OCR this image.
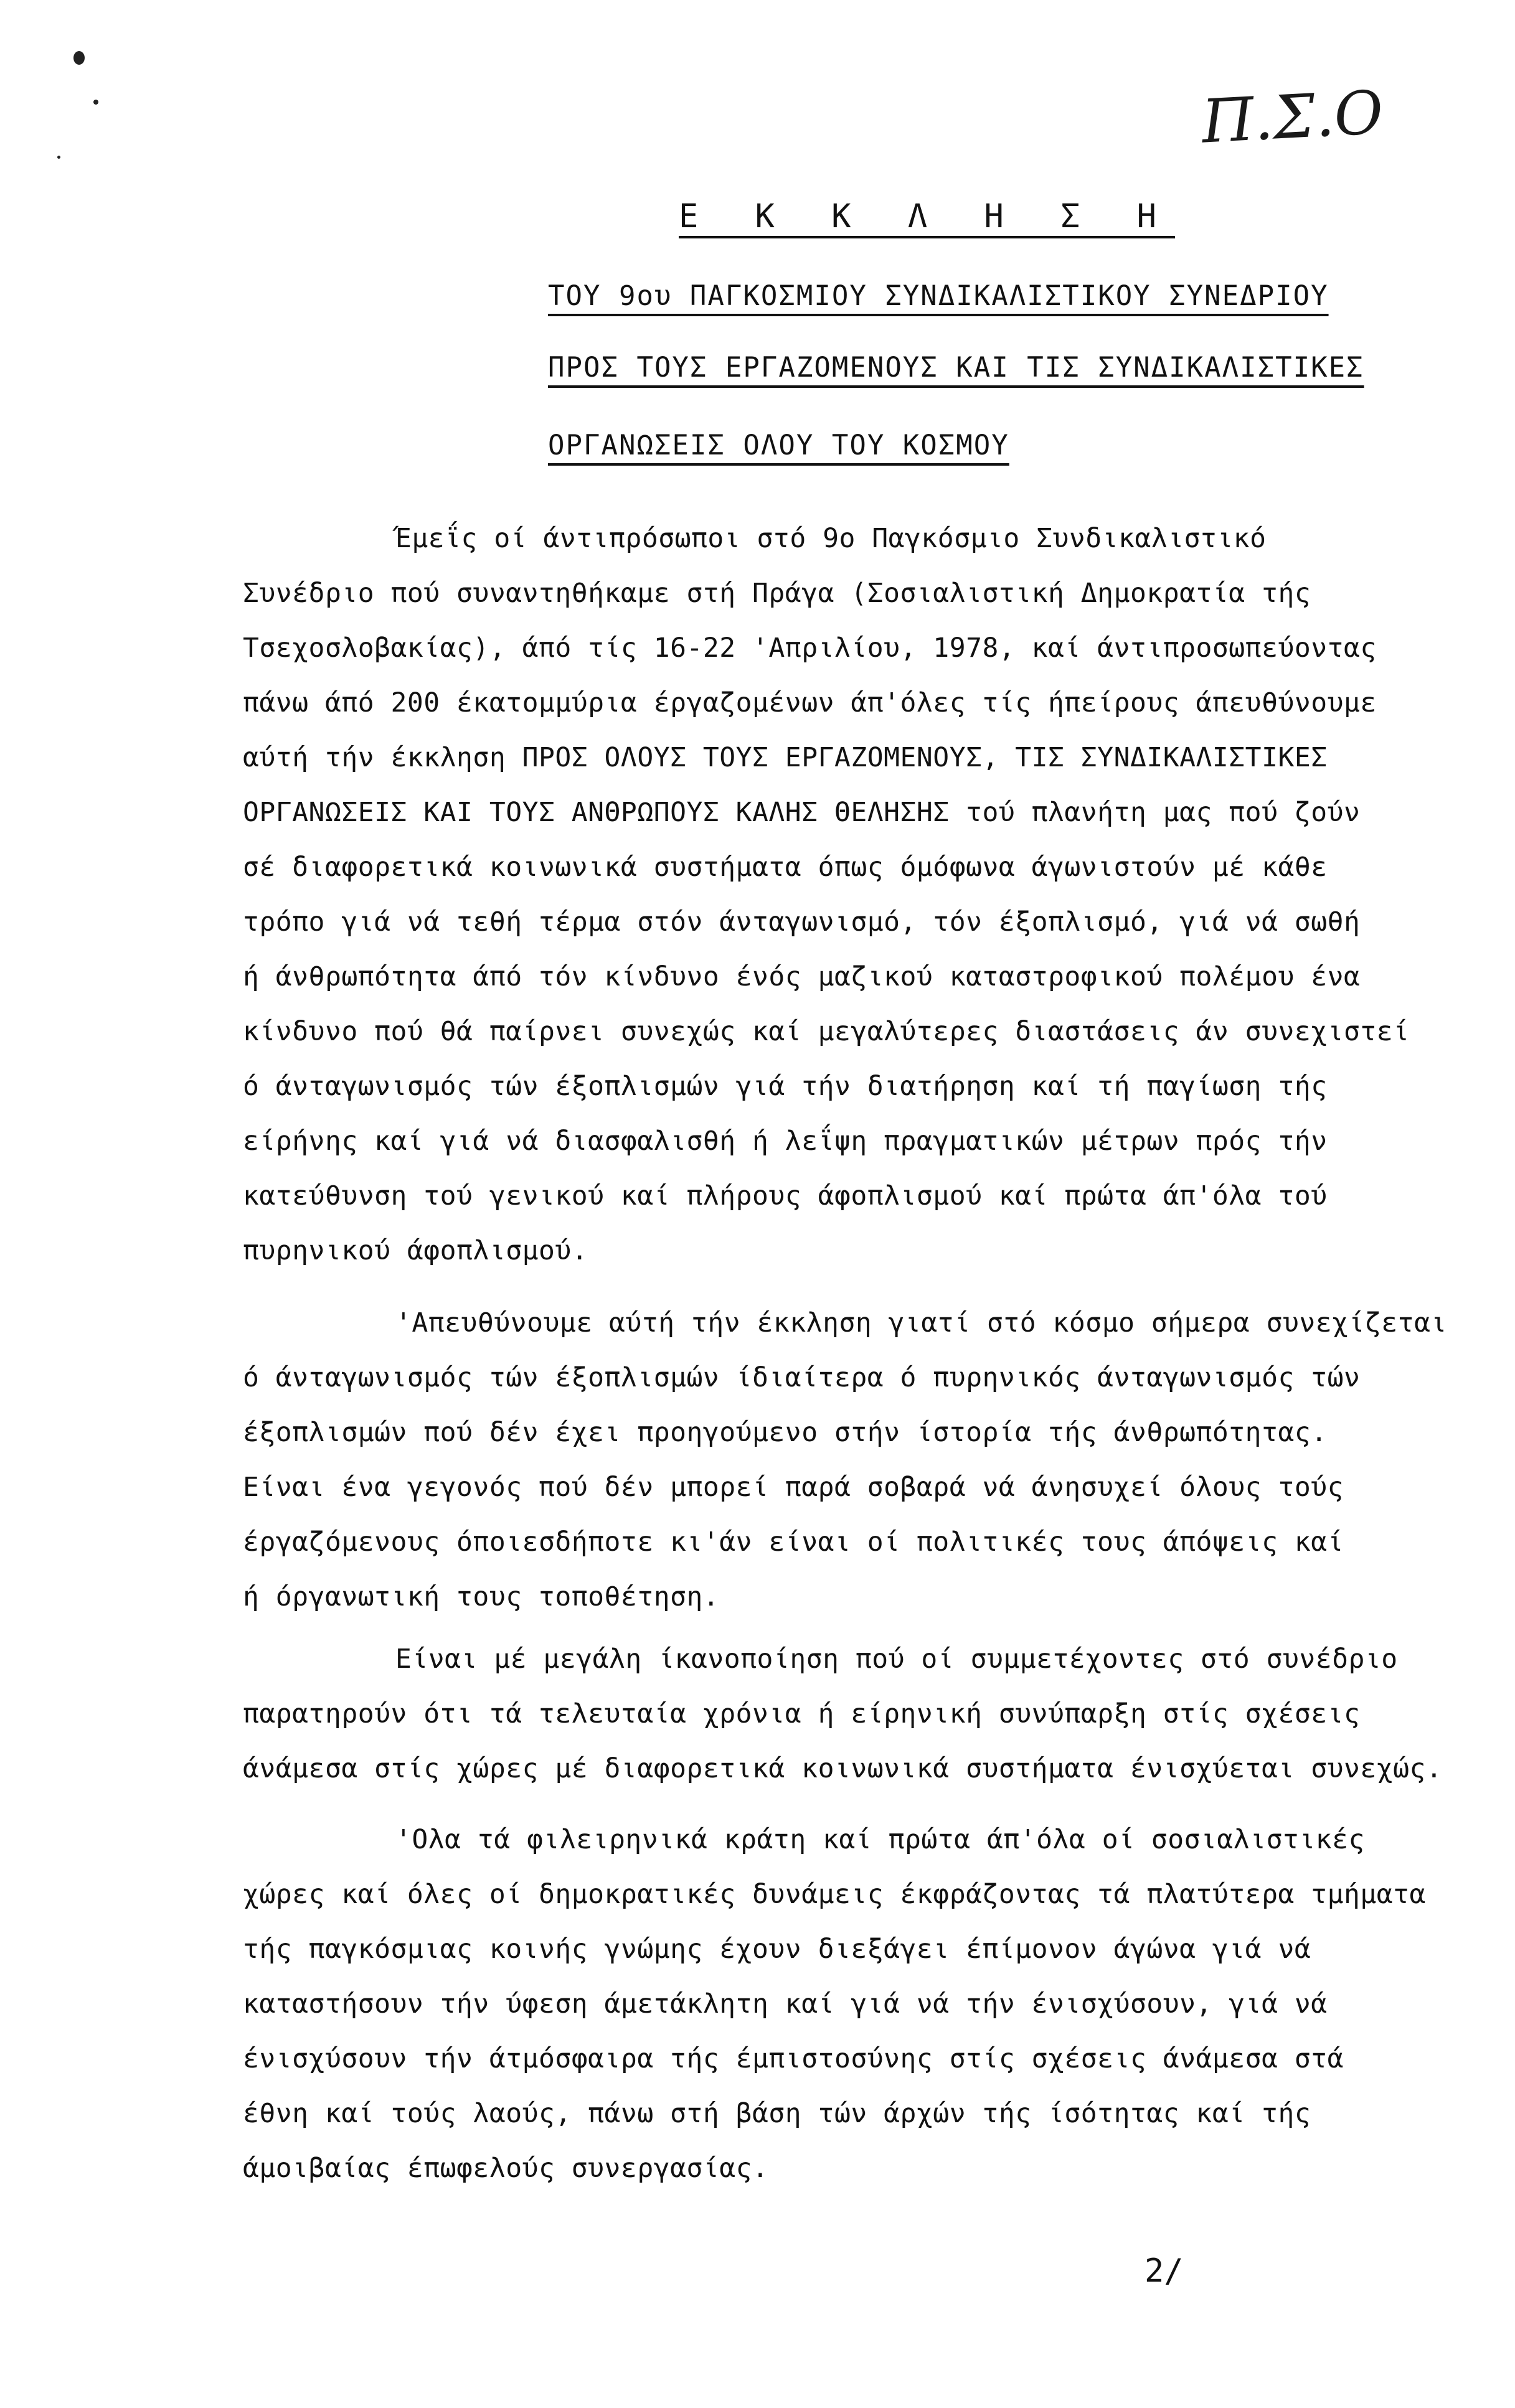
Π.Σ.Ο
Ε Κ Κ Λ Η Σ Η
ΤΟΥ 9ου ΠΑΓΚΟΣΜΙΟΥ ΣΥΝΔΙΚΑΛΙΣΤΙΚΟΥ ΣΥΝΕΔΡΙΟΥ
ΠΡΟΣ ΤΟΥΣ ΕΡΓΑΖΟΜΕΝΟΥΣ ΚΑΙ ΤΙΣ ΣΥΝΔΙΚΑΛΙΣΤΙΚΕΣ
ΟΡΓΑΝΩΣΕΙΣ ΟΛΟΥ ΤΟΥ ΚΟΣΜΟΥ
Έμεΐς οί άντιπρόσωποι στό 9ο Παγκόσμιο Συνδικαλιστικό
Συνέδριο πού συναντηθήκαμε στή Πράγα (Σοσιαλιστική Δημοκρατία τής
Τσεχοσλοβακίας), άπό τίς 16-22 'Απριλίου, 1978, καί άντιπροσωπεύοντας
πάνω άπό 200 έκατομμύρια έργαζομένων άπ'όλες τίς ήπείρους άπευθύνουμε
αύτή τήν έκκληση ΠΡΟΣ ΟΛΟΥΣ ΤΟΥΣ ΕΡΓΑΖΟΜΕΝΟΥΣ, ΤΙΣ ΣΥΝΔΙΚΑΛΙΣΤΙΚΕΣ
ΟΡΓΑΝΩΣΕΙΣ ΚΑΙ ΤΟΥΣ ΑΝΘΡΩΠΟΥΣ ΚΑΛΗΣ ΘΕΛΗΣΗΣ τού πλανήτη μας πού ζούν
σέ διαφορετικά κοινωνικά συστήματα όπως όμόφωνα άγωνιστούν μέ κάθε
τρόπο γιά νά τεθή τέρμα στόν άνταγωνισμό, τόν έξοπλισμό, γιά νά σωθή
ή άνθρωπότητα άπό τόν κίνδυνο ένός μαζικού καταστροφικού πολέμου ένα
κίνδυνο πού θά παίρνει συνεχώς καί μεγαλύτερες διαστάσεις άν συνεχιστεί
ό άνταγωνισμός τών έξοπλισμών γιά τήν διατήρηση καί τή παγίωση τής
είρήνης καί γιά νά διασφαλισθή ή λεΐψη πραγματικών μέτρων πρός τήν
κατεύθυνση τού γενικού καί πλήρους άφοπλισμού καί πρώτα άπ'όλα τού
πυρηνικού άφοπλισμού.
'Απευθύνουμε αύτή τήν έκκληση γιατί στό κόσμο σήμερα συνεχίζεται
ό άνταγωνισμός τών έξοπλισμών ίδιαίτερα ό πυρηνικός άνταγωνισμός τών
έξοπλισμών πού δέν έχει προηγούμενο στήν ίστορία τής άνθρωπότητας.
Είναι ένα γεγονός πού δέν μπορεί παρά σοβαρά νά άνησυχεί όλους τούς
έργαζόμενους όποιεσδήποτε κι'άν είναι οί πολιτικές τους άπόψεις καί
ή όργανωτική τους τοποθέτηση.
Είναι μέ μεγάλη ίκανοποίηση πού οί συμμετέχοντες στό συνέδριο
παρατηρούν ότι τά τελευταία χρόνια ή είρηνική συνύπαρξη στίς σχέσεις
άνάμεσα στίς χώρες μέ διαφορετικά κοινωνικά συστήματα ένισχύεται συνεχώς.
'Ολα τά φιλειρηνικά κράτη καί πρώτα άπ'όλα οί σοσιαλιστικές
χώρες καί όλες οί δημοκρατικές δυνάμεις έκφράζοντας τά πλατύτερα τμήματα
τής παγκόσμιας κοινής γνώμης έχουν διεξάγει έπίμονον άγώνα γιά νά
καταστήσουν τήν ύφεση άμετάκλητη καί γιά νά τήν ένισχύσουν, γιά νά
ένισχύσουν τήν άτμόσφαιρα τής έμπιστοσύνης στίς σχέσεις άνάμεσα στά
έθνη καί τούς λαούς, πάνω στή βάση τών άρχών τής ίσότητας καί τής
άμοιβαίας έπωφελούς συνεργασίας.
2/
